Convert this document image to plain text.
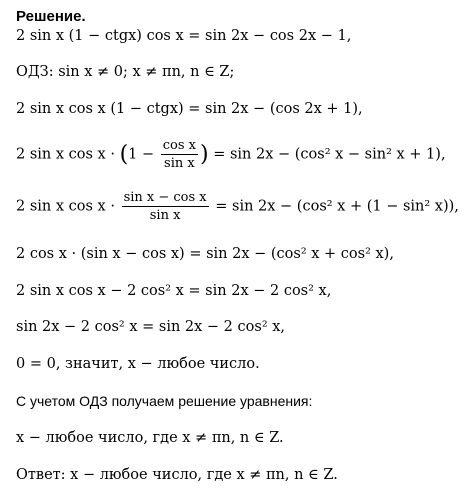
Решение.
2 sin x (1 − ctgx) cos x = sin 2x − cos 2x − 1,
ОДЗ: sin x ≠ 0; x ≠ πn, n ∈ Z;
2 sin x cos x (1 − ctgx) = sin 2x − (cos 2x + 1),
2 sin x $\cos x \cdot (1 - \frac{\text{cos x}}{\text{sin x}}$ ) = sin 2x − (cos² x − sin² x + 1),
2 sin x $\cos x \cdot \frac{\text{sin x − cos x}}{\text{sin x}} = \sin 2x - (\cos^2$ x + (1 − sin² x)),
2 cos x · (sin x − cos x) = sin 2x − (cos² x + cos² x),
2 sin x cos x − 2 cos² x = sin 2x − 2 cos² x,
sin 2x − 2 cos² x = sin 2x − 2 cos² x,
0 = 0, значит, x − любое число.
С учетом ОДЗ получаем решение уравнения:
x − любое число, где x ≠ πn, n ∈ Z.
Ответ: x − любое число, где x ≠ πn, n ∈ Z.
